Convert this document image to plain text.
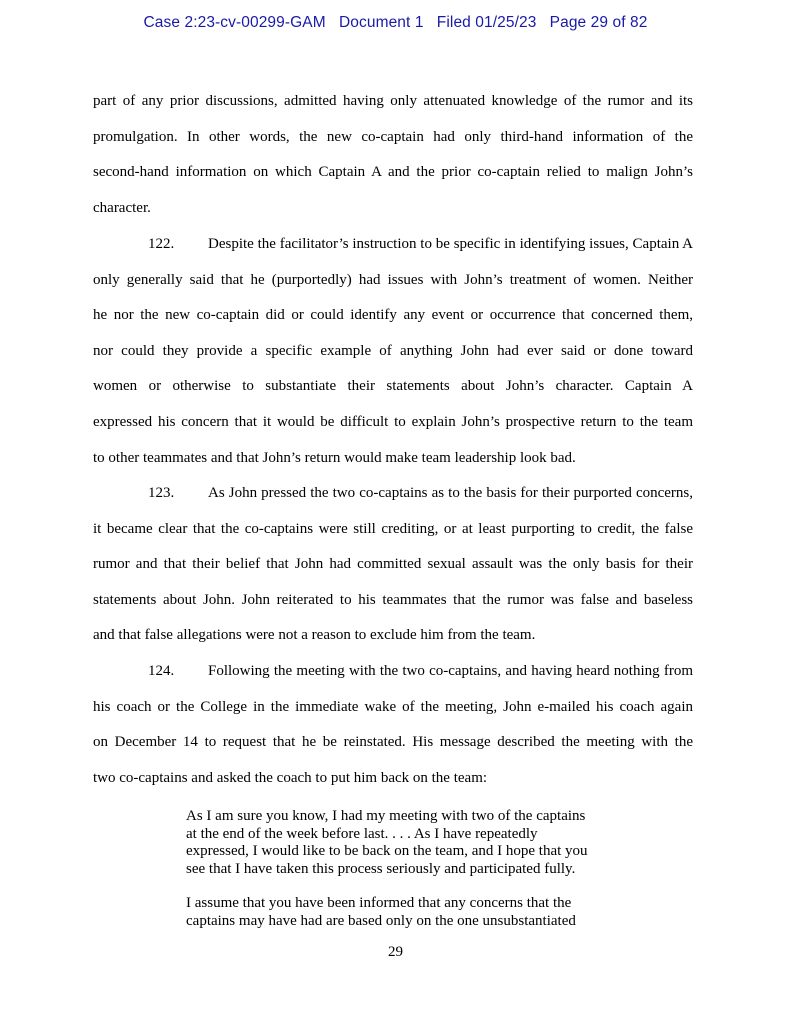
Case 2:23-cv-00299-GAM Document 1 Filed 01/25/23 Page 29 of 82
part of any prior discussions, admitted having only attenuated knowledge of the rumor and its
promulgation. In other words, the new co-captain had only third-hand information of the
second-hand information on which Captain A and the prior co-captain relied to malign John’s
character.
122. Despite the facilitator’s instruction to be specific in identifying issues, Captain A
only generally said that he (purportedly) had issues with John’s treatment of women. Neither
he nor the new co-captain did or could identify any event or occurrence that concerned them,
nor could they provide a specific example of anything John had ever said or done toward
women or otherwise to substantiate their statements about John’s character. Captain A
expressed his concern that it would be difficult to explain John’s prospective return to the team
to other teammates and that John’s return would make team leadership look bad.
123. As John pressed the two co-captains as to the basis for their purported concerns,
it became clear that the co-captains were still crediting, or at least purporting to credit, the false
rumor and that their belief that John had committed sexual assault was the only basis for their
statements about John. John reiterated to his teammates that the rumor was false and baseless
and that false allegations were not a reason to exclude him from the team.
124. Following the meeting with the two co-captains, and having heard nothing from
his coach or the College in the immediate wake of the meeting, John e-mailed his coach again
on December 14 to request that he be reinstated. His message described the meeting with the
two co-captains and asked the coach to put him back on the team:
As I am sure you know, I had my meeting with two of the captains
at the end of the week before last. . . . As I have repeatedly
expressed, I would like to be back on the team, and I hope that you
see that I have taken this process seriously and participated fully.
I assume that you have been informed that any concerns that the
captains may have had are based only on the one unsubstantiated
29
